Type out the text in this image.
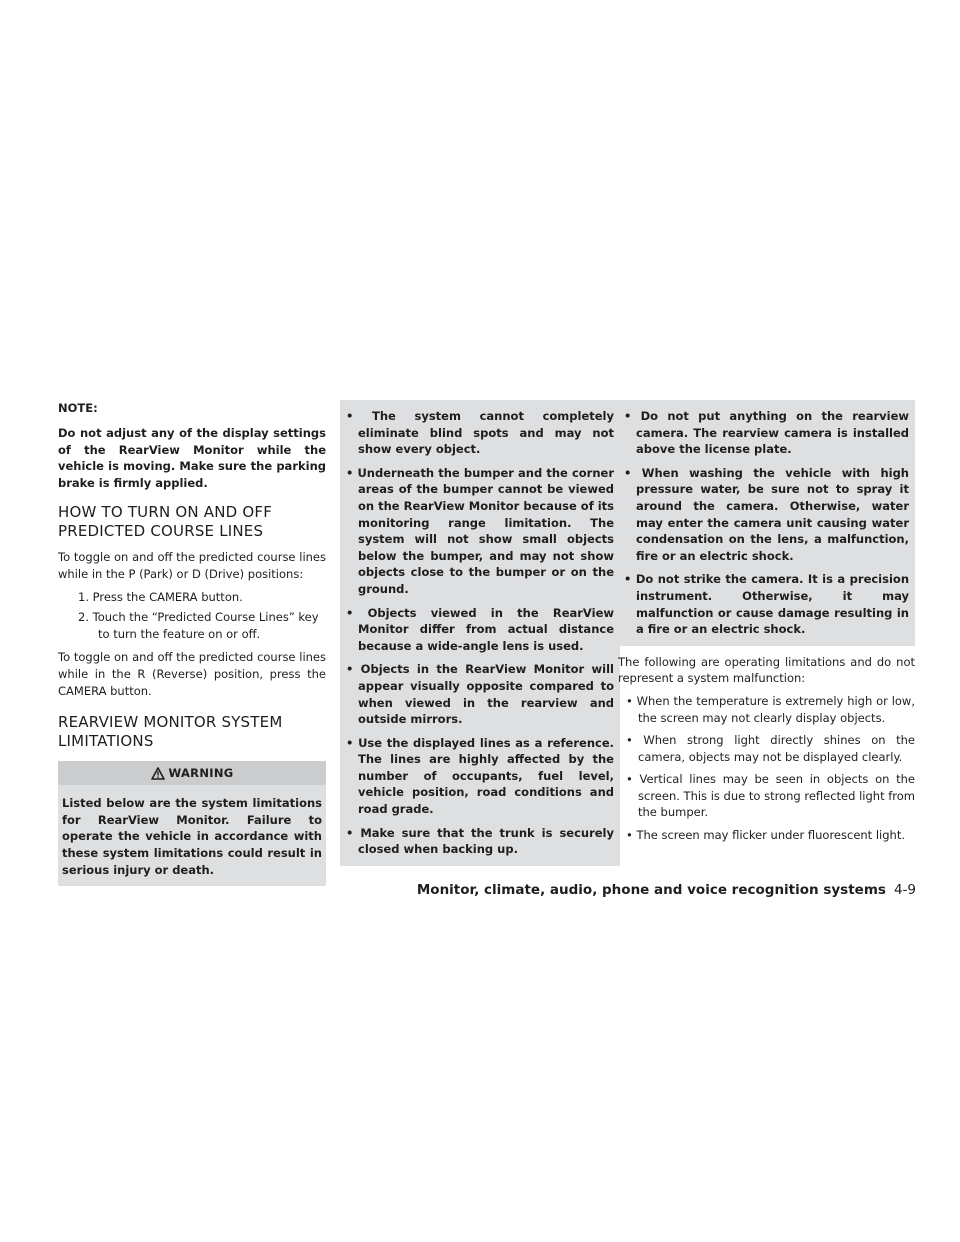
NOTE:

Do not adjust any of the display settings of the RearView Monitor while the vehicle is moving. Make sure the parking brake is firmly applied.

HOW TO TURN ON AND OFF
PREDICTED COURSE LINES

To toggle on and off the predicted course lines while in the P (Park) or D (Drive) positions:

1. Press the CAMERA button.
2. Touch the “Predicted Course Lines” key to turn the feature on or off.

To toggle on and off the predicted course lines while in the R (Reverse) position, press the CAMERA button.

REARVIEW MONITOR SYSTEM
LIMITATIONS
WARNING

Listed below are the system limitations for RearView Monitor. Failure to operate the vehicle in accordance with these system limitations could result in serious injury or death.

• The system cannot completely eliminate blind spots and may not show every object.
• Underneath the bumper and the corner areas of the bumper cannot be viewed on the RearView Monitor because of its monitoring range limitation. The system will not show small objects below the bumper, and may not show objects close to the bumper or on the ground.
• Objects viewed in the RearView Monitor differ from actual distance because a wide-angle lens is used.
• Objects in the RearView Monitor will appear visually opposite compared to when viewed in the rearview and outside mirrors.
• Use the displayed lines as a reference. The lines are highly affected by the number of occupants, fuel level, vehicle position, road conditions and road grade.
• Make sure that the trunk is securely closed when backing up.
• Do not put anything on the rearview camera. The rearview camera is installed above the license plate.
• When washing the vehicle with high pressure water, be sure not to spray it around the camera. Otherwise, water may enter the camera unit causing water condensation on the lens, a malfunction, fire or an electric shock.
• Do not strike the camera. It is a precision instrument. Otherwise, it may malfunction or cause damage resulting in a fire or an electric shock.

The following are operating limitations and do not represent a system malfunction:

• When the temperature is extremely high or low, the screen may not clearly display objects.
• When strong light directly shines on the camera, objects may not be displayed clearly.
• Vertical lines may be seen in objects on the screen. This is due to strong reflected light from the bumper.
• The screen may flicker under fluorescent light.
Monitor, climate, audio, phone and voice recognition systems 4-9
